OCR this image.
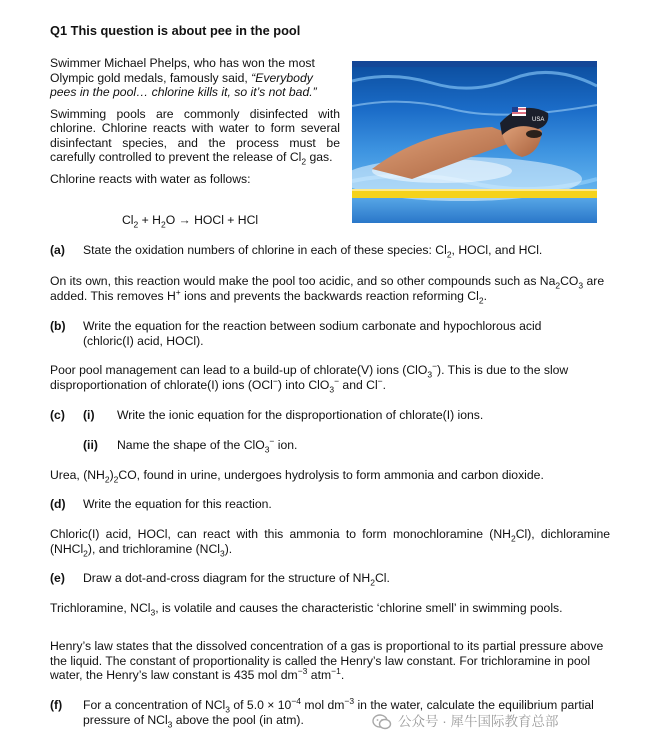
Q1 This question is about pee in the pool

Swimmer Michael Phelps, who has won the most Olympic gold medals, famously said, “Everybody pees in the pool… chlorine kills it, so it’s not bad.”

Swimming pools are commonly disinfected with chlorine. Chlorine reacts with water to form several disinfectant species, and the process must be carefully controlled to prevent the release of $Cl_2$ gas.

Chlorine reacts with water as follows:

$Cl_2 + H_2O$ → HOCl + HCl
USA
(a)	State the oxidation numbers of chlorine in each of these species: $Cl_2$, HOCl, and HCl.

On its own, this reaction would make the pool too acidic, and so other compounds such as $Na_2CO_3$ are added. This removes H+ ions and prevents the backwards reaction reforming $Cl_2$.

(b)	Write the equation for the reaction between sodium carbonate and hypochlorous acid (chloric(I) acid, HOCl).

Poor pool management can lead to a build-up of chlorate(V) ions (ClO$_3$−). This is due to the slow disproportionation of chlorate(I) ions (OCl−) into ClO$_3$− and Cl−.

(c)	(i)	Write the ionic equation for the disproportionation of chlorate(I) ions.
(ii)	Name the shape of the ClO$_3$− ion.

Urea, $(NH_2)_2CO$, found in urine, undergoes hydrolysis to form ammonia and carbon dioxide.

(d)	Write the equation for this reaction.

Chloric(I) acid, HOCl, can react with this ammonia to form monochloramine $(NH_2Cl)$, dichloramine (NHCl$_2$), and trichloramine (NCl$_3$).

(e)	Draw a dot-and-cross diagram for the structure of $NH_2Cl$.

Trichloramine, NCl$_3$, is volatile and causes the characteristic ‘chlorine smell’ in swimming pools.

Henry’s law states that the dissolved concentration of a gas is proportional to its partial pressure above the liquid. The constant of proportionality is called the Henry’s law constant. For trichloramine in pool water, the Henry’s law constant is 435 mol $dm^{-3}$ atm$^{-1}$.

(f)	For a concentration of NCl$_3$ of $5.0 \times 10^{-4}$ mol $dm^{-3}$ in the water, calculate the equilibrium partial pressure of NCl$_3$ above the pool (in atm).	公众号 · 犀牛国际教育总部
